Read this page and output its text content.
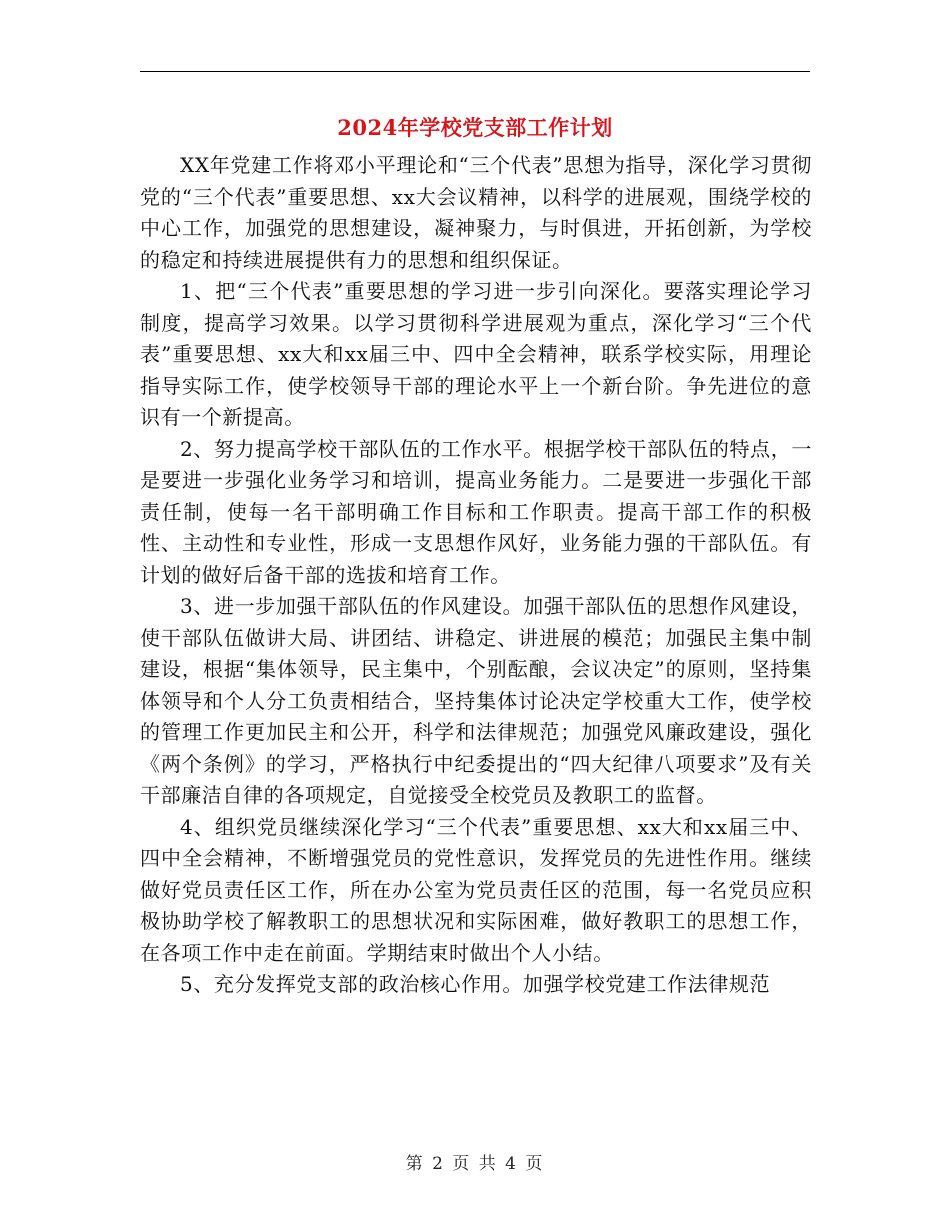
2024年学校党支部工作计划

XX年党建工作将邓小平理论和“三个代表”思想为指导，深化学习贯彻党的“三个代表”重要思想、xx大会议精神，以科学的进展观，围绕学校的中心工作，加强党的思想建设，凝神聚力，与时俱进，开拓创新，为学校的稳定和持续进展提供有力的思想和组织保证。

1、把“三个代表”重要思想的学习进一步引向深化。要落实理论学习制度，提高学习效果。以学习贯彻科学进展观为重点，深化学习“三个代表”重要思想、xx大和xx届三中、四中全会精神，联系学校实际，用理论指导实际工作，使学校领导干部的理论水平上一个新台阶。争先进位的意识有一个新提高。

2、努力提高学校干部队伍的工作水平。根据学校干部队伍的特点，一是要进一步强化业务学习和培训，提高业务能力。二是要进一步强化干部责任制，使每一名干部明确工作目标和工作职责。提高干部工作的积极性、主动性和专业性，形成一支思想作风好，业务能力强的干部队伍。有计划的做好后备干部的选拔和培育工作。

3、进一步加强干部队伍的作风建设。加强干部队伍的思想作风建设，使干部队伍做讲大局、讲团结、讲稳定、讲进展的模范；加强民主集中制建设，根据“集体领导，民主集中，个别酝酿，会议决定”的原则，坚持集体领导和个人分工负责相结合，坚持集体讨论决定学校重大工作，使学校的管理工作更加民主和公开，科学和法律规范；加强党风廉政建设，强化《两个条例》的学习，严格执行中纪委提出的“四大纪律八项要求”及有关干部廉洁自律的各项规定，自觉接受全校党员及教职工的监督。

4、组织党员继续深化学习“三个代表”重要思想、xx大和xx届三中、四中全会精神，不断增强党员的党性意识，发挥党员的先进性作用。继续做好党员责任区工作，所在办公室为党员责任区的范围，每一名党员应积极协助学校了解教职工的思想状况和实际困难，做好教职工的思想工作，在各项工作中走在前面。学期结束时做出个人小结。

5、充分发挥党支部的政治核心作用。加强学校党建工作法律规范

第 2 页 共 4 页
